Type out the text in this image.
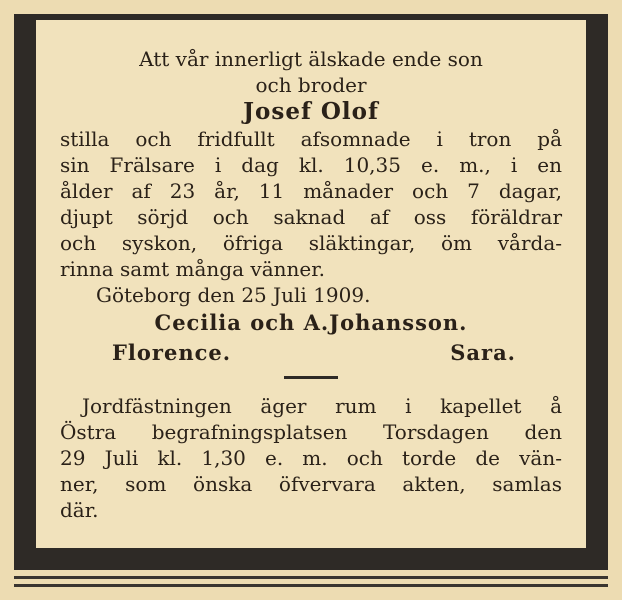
Att vår innerligt älskade ende son
och broder
Josef Olof
stilla och fridfullt afsomnade i tron på
sin Frälsare i dag kl. 10,35 e. m., i en
ålder af 23 år, 11 månader och 7 dagar,
djupt sörjd och saknad af oss föräldrar
och syskon, öfriga släktingar, öm vårda-
rinna samt många vänner.
Göteborg den 25 Juli 1909.
Cecilia och A.Johansson.
Florence.	Sara.
Jordfästningen äger rum i kapellet å
Östra begrafningsplatsen Torsdagen den
29 Juli kl. 1,30 e. m. och torde de vän-
ner, som önska öfvervara akten, samlas
där.
